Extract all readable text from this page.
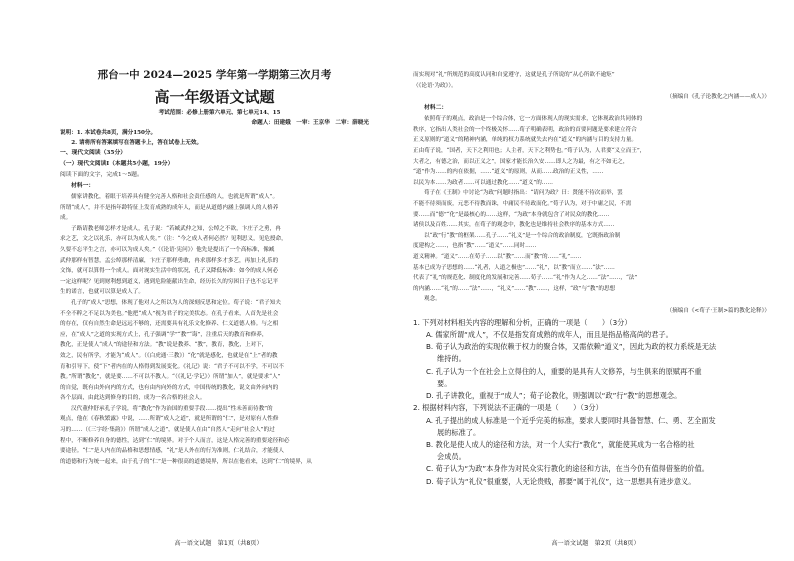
邢台一中 2024—2025 学年第一学期第三次月考
高一年级语文试题
考试范围：必修上册第六单元、第七单元14、15
命题人：田建娥　一审：王京华　二审：薛晓光
说明：1. 本试卷共8页，满分150分。
　　2. 请将所有答案填写在答题卡上，答在试卷上无效。
一、现代文阅读（35分）
（一）现代文阅读Ⅰ（本题共5小题，19分）
阅读下面的文字，完成1～5题。
材料一：
儒家讲教化，着眼于培养具有健全完善人格和社会责任感的人，也就是所谓“成人”。
所谓“成人”，并不是指年龄特征上发育成熟的成年人，而是从道德内涵上强调人的人格养
成。
子路请教老师怎样才是成人，孔子说：“若臧武仲之知，公绰之不欲，卞庄子之勇，冉
求之艺，文之以礼乐，亦可以为成人矣。”（注：“今之成人者何必然？见利思义，见危授命，
久要不忘平生之言，亦可以为成人矣。”（《论语·宪问》）他先是提出了一个高标准，像臧
武仲那样有智慧，孟公绰那样清廉，卞庄子那样勇敢，冉求那样多才多艺，再加上礼乐的
文饰，就可以算得一个成人。面对现实生活中的状况，孔子又降低标准：如今的成人何必
一定这样呢？见到财利想到道义，遇到危险能献出生命，经历长久的穷困日子也不忘记平
生的诺言，也就可以算是成人了。
孔子的“成人”思想，体现了他对人之所以为人的深刻反思和定位。荀子说：“君子知夫
不全不粹之不足以为美也。”他把“成人”视为君子的完美状态。在孔子看来，人首先是社会
的存在，仅有自然生命是远远不够的，还需要具有礼乐文化修养、仁义道德人格。与之相
应，在“成人”之道的实现方式上，孔子强调“学”“教”“诲”，注重后天的教育和修养，
教化，正是使人“成人”的途径和方法。“教”说是教养、“教”，教育，教化，上对下，
效之，民有所学，才能为“成人”。（《白虎通·三教》）“化”就是感化，也就是在“上”者的教
育和引导下，使“下”者内在的人格得到发展变化。《礼记》说：“君子不可以不学，不可以不
教。”所谓“教化”，就是要……不可以不教人。“（《礼记·学记》）所谓“加人”，就是要求“人”
的自觉，既有由外向内的方式，也有由内向外的方式，中国传统的教化，说文由外向内的
各个层面，由此达到修身的目的，成为一名合格的社会人。
汉代董仲舒承孔子学说，将“教化”作为治国的重要手段……提出“性未善而待教”的
观点，他在《春秋繁露》中说，……所谓“成人之道”，就是所谓的“仁”，是对原有人性修
习的……（《三字经·集韵》）所谓“成人之道”，就是使人在由“自然人”走向“社会人”的过
程中，不断修养自身的德性，达到“仁”的境界。对于个人而言，这是人格完善的重要途径和必
要途径。“仁”是人内在的品格和思想情感，“礼”是人外在的行为准则，仁礼结合，才能使人
的道德和行为统一起来，由于孔子的“仁”是一种很高的道德境界，所以在他看来，达到“仁”的境界，从
高一语文试题　第1页（共8页）
而实现对“礼”所规范的高度认同和自觉遵守，这就是孔子所说的“从心所欲不逾矩”
（《论语·为政》）。
（摘编自《孔子论教化之内涵——成人》）
材料二：
依照荀子的观点，政治是一个综合体，它一方面体现人的现实需求，它体现政治共同体的
秩序，它指出人类社会的一个终极关怀……荀子明确表明，政治的首要问题是要求建立符合
正义原则的“道义”的精神内涵，单纯的权力系统就失去内在“道义”的内涵与目的支持力量。
正由荀子说，“国者，天下之利用也；人主者，天下之利势也。”荀子认为，人君要“义立而王”，
大者之，有德之治，而以正义之”，国家才能长治久安……即人之为最，有之不如无之，
“道”作为……的内在依据，……“道义”的原则，从而……政治的正义性，……
以民为本……为政者……可以通过教化……“道义”的……
荀子在《王制》中讨论“为政”问题时指出：“请问为政？曰：贤能不待次而举，罢
不能不待须而废，元恶不待教而诛，中庸民不待政而化。”荀子认为，对于中庸之民，不需
要……而“德”“化”是最核心的……这样，“为政”本身就包含了对民众的教化……
诸侯以及百姓……其实，在荀子的观念中，教化也是维持社会秩序的基本方式……
以“政”行“教”的框架……孔子……“礼义”是一个综合的政治制度，它既指政治制
度建构之……，也指“教”……“道义”……同时……
道义精神。“道义”……在荀子……以“教”……而“教”的……“礼”……
基本已成为子思想的……“礼者，人道之极也”……“礼”，以“教”而立……“法”……
代表了“礼”的规范化、制度化的发展和完善……荀子……“礼”作为人之……“法”……，“法”
的内涵……“礼”的……“法”……，“礼义”……“教”……，这样，“政”与“教”的思想
观念。
（摘编自《<荀子·王制>篇的教化论释》）
1. 下列对材料相关内容的理解和分析，正确的一项是（　　）（3分）
A. 儒家所谓“成人”，不仅是指发育成熟的成年人，而且是指品格高尚的君子。
B. 荀子认为政治的实现依赖于权力的聚合体，又需依赖“道义”，因此为政的权力系统是无法
维持的。
C. 孔子认为一个在社会上立得住的人，重要的是具有人文修养，与生俱来的原赋再不重
要。
D. 孔子讲教化，重视于“成人”；荀子论教化，则强调以“政”行“教”的思想观念。
2. 根据材料内容，下列说法不正确的一项是（　　）（3分）
A. 孔子提出的成人标准是一个近乎完美的标准，要求人要同时具备智慧、仁、勇、艺全面发
展的标准了。
B. 教化是使人成人的途径和方法，对一个人实行“教化”，就能使其成为一名合格的社
会成员。
C. 荀子认为“为政”本身作为对民众实行教化的途径和方法，在当今仍有值得借鉴的价值。
D. 荀子认为“礼仪”很重要，人无论贵贱，都要“属于礼仪”，这一思想具有进步意义。
高一语文试题　第2页（共8页）
